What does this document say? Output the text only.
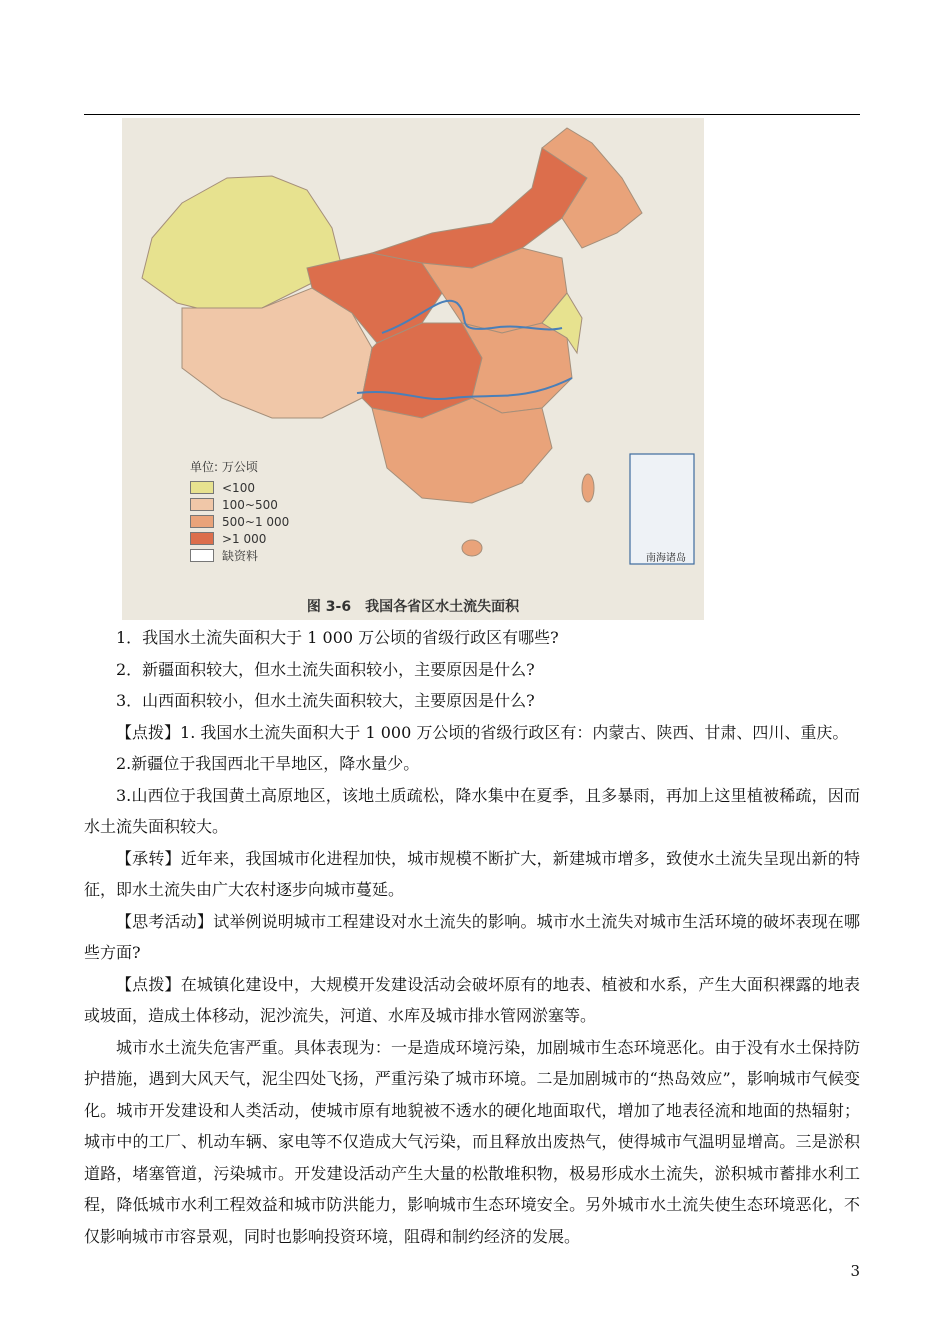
单位: 万公顷
<100
100~500
500~1 000
>1 000
缺资料	南海诸岛
图 3-6　我国各省区水土流失面积

1．我国水土流失面积大于 1 000 万公顷的省级行政区有哪些?

2．新疆面积较大，但水土流失面积较小，主要原因是什么?

3．山西面积较小，但水土流失面积较大，主要原因是什么?

【点拨】1. 我国水土流失面积大于 1 000 万公顷的省级行政区有：内蒙古、陕西、甘肃、四川、重庆。

2.新疆位于我国西北干旱地区，降水量少。

3.山西位于我国黄土高原地区，该地土质疏松，降水集中在夏季，且多暴雨，再加上这里植被稀疏，因而水土流失面积较大。

【承转】近年来，我国城市化进程加快，城市规模不断扩大，新建城市增多，致使水土流失呈现出新的特征，即水土流失由广大农村逐步向城市蔓延。

【思考活动】试举例说明城市工程建设对水土流失的影响。城市水土流失对城市生活环境的破坏表现在哪些方面?

【点拨】在城镇化建设中，大规模开发建设活动会破坏原有的地表、植被和水系，产生大面积裸露的地表或坡面，造成土体移动，泥沙流失，河道、水库及城市排水管网淤塞等。

城市水土流失危害严重。具体表现为：一是造成环境污染，加剧城市生态环境恶化。由于没有水土保持防护措施，遇到大风天气，泥尘四处飞扬，严重污染了城市环境。二是加剧城市的“热岛效应”，影响城市气候变化。城市开发建设和人类活动，使城市原有地貌被不透水的硬化地面取代，增加了地表径流和地面的热辐射；城市中的工厂、机动车辆、家电等不仅造成大气污染，而且释放出废热气，使得城市气温明显增高。三是淤积道路，堵塞管道，污染城市。开发建设活动产生大量的松散堆积物，极易形成水土流失，淤积城市蓄排水利工程，降低城市水利工程效益和城市防洪能力，影响城市生态环境安全。另外城市水土流失使生态环境恶化，不仅影响城市市容景观，同时也影响投资环境，阻碍和制约经济的发展。

3
